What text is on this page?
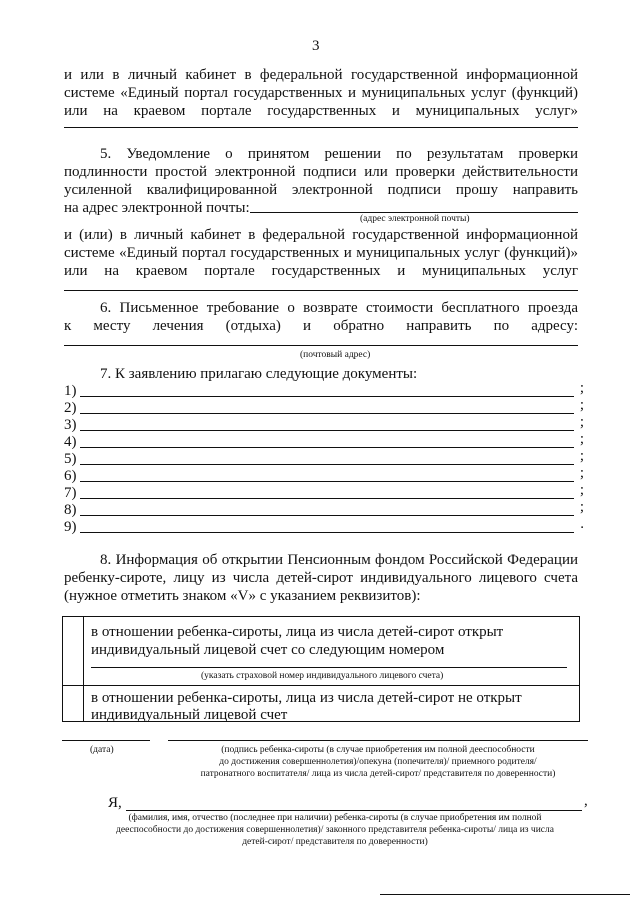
3
и или в личный кабинет в федеральной государственной информационной
системе «Единый портал государственных и муниципальных услуг (функций)
или на краевом портале государственных и муниципальных услуг»
5. Уведомление о принятом решении по результатам проверки
подлинности простой электронной подписи или проверки действительности
усиленной квалифицированной электронной подписи прошу направить
на адрес электронной почты:
(адрес электронной почты)
и (или) в личный кабинет в федеральной государственной информационной
системе «Единый портал государственных и муниципальных услуг (функций)»
или на краевом портале государственных и муниципальных услуг
6. Письменное требование о возврате стоимости бесплатного проезда
к месту лечения (отдыха) и обратно направить по адресу:
(почтовый адрес)
7. К заявлению прилагаю следующие документы:
1)	;
2)	;
3)	;
4)	;
5)	;
6)	;
7)	;
8)	;
9)	.
8. Информация об открытии Пенсионным фондом Российской Федерации
ребенку-сироте, лицу из числа детей-сирот индивидуального лицевого счета
(нужное отметить знаком «V» с указанием реквизитов):
в отношении ребенка-сироты, лица из числа детей-сирот открыт
индивидуальный лицевой счет со следующим номером
(указать страховой номер индивидуального лицевого счета)
в отношении ребенка-сироты, лица из числа детей-сирот не открыт
индивидуальный лицевой счет
(дата)	(подпись ребенка-сироты (в случае приобретения им полной дееспособности
до достижения совершеннолетия)/опекуна (попечителя)/ приемного родителя/
патронатного воспитателя/ лица из числа детей-сирот/ представителя по доверенности)
Я,	,
(фамилия, имя, отчество (последнее при наличии) ребенка-сироты (в случае приобретения им полной
дееспособности до достижения совершеннолетия)/ законного представителя ребенка-сироты/ лица из числа
детей-сирот/ представителя по доверенности)
